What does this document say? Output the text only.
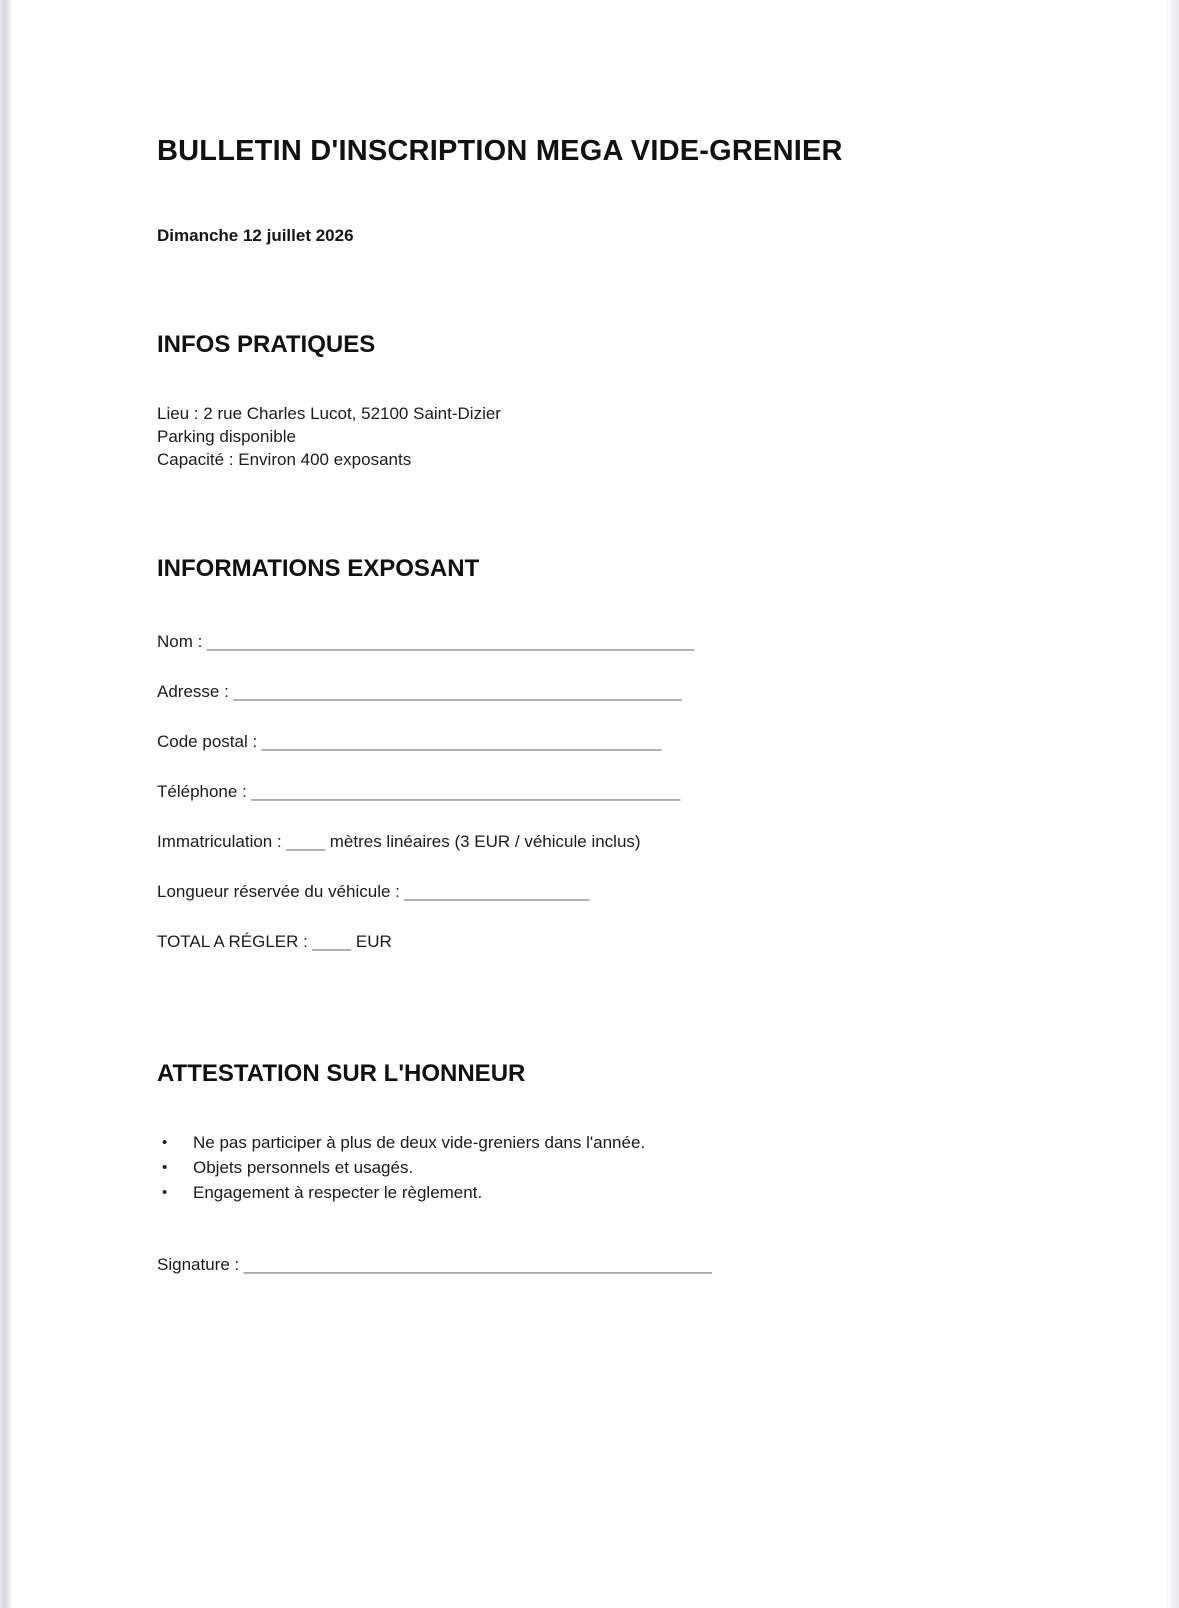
BULLETIN D'INSCRIPTION MEGA VIDE-GRENIER
Dimanche 12 juillet 2026
INFOS PRATIQUES
Lieu : 2 rue Charles Lucot, 52100 Saint-Dizier
Parking disponible
Capacité : Environ 400 exposants
INFORMATIONS EXPOSANT
Nom : __________________________________________________
Adresse : ______________________________________________
Code postal : _________________________________________
Téléphone : ____________________________________________
Immatriculation : ____ mètres linéaires (3 EUR / véhicule inclus)
Longueur réservée du véhicule : ___________________
TOTAL A RÉGLER : ____ EUR
ATTESTATION SUR L'HONNEUR
• Ne pas participer à plus de deux vide-greniers dans l'année.
• Objets personnels et usagés.
• Engagement à respecter le règlement.
Signature : ________________________________________________
